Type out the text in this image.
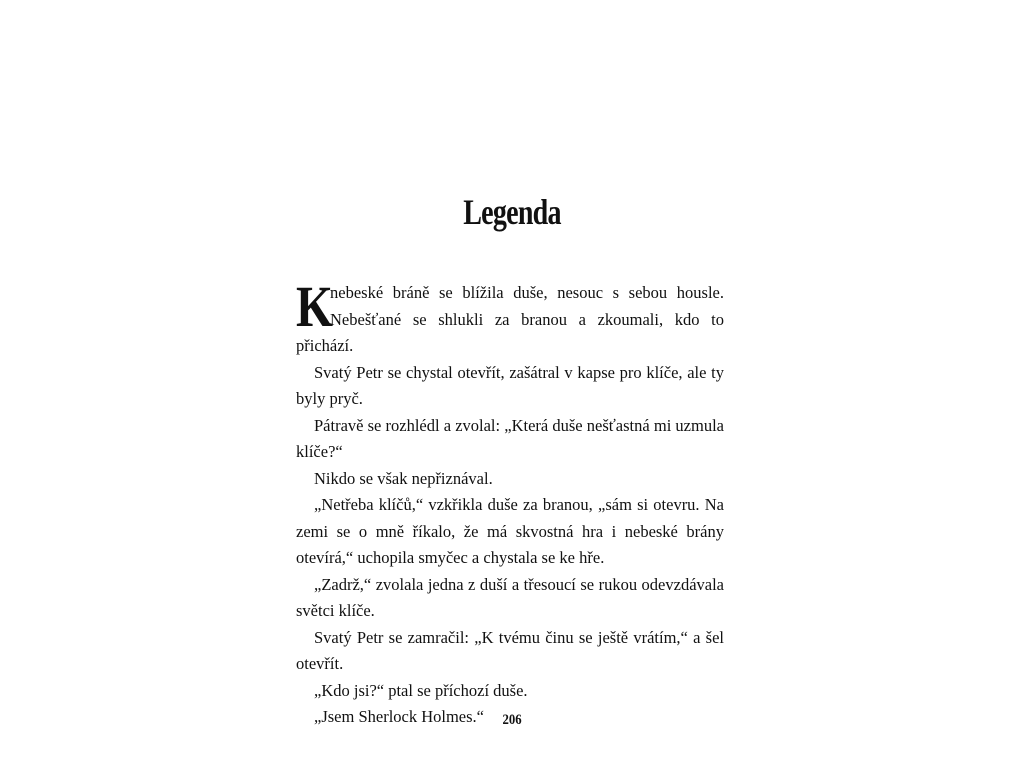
Legenda

K
nebeské bráně se blížila duše, nesouc s sebou housle. Nebešťané se shlukli za branou a zkoumali, kdo to přichází.

Svatý Petr se chystal otevřít, zašátral v kapse pro klíče, ale ty byly pryč.

Pátravě se rozhlédl a zvolal: „Která duše nešťastná mi uzmula klíče?“

Nikdo se však nepřiznával.

„Netřeba klíčů,“ vzkřikla duše za branou, „sám si otevru. Na zemi se o mně říkalo, že má skvostná hra i nebeské brány otevírá,“ uchopila smyčec a chystala se ke hře.

„Zadrž,“ zvolala jedna z duší a třesoucí se rukou odevzdávala světci klíče.

Svatý Petr se zamračil: „K tvému činu se ještě vrátím,“ a šel otevřít.

„Kdo jsi?“ ptal se příchozí duše.

„Jsem Sherlock Holmes.“	206
